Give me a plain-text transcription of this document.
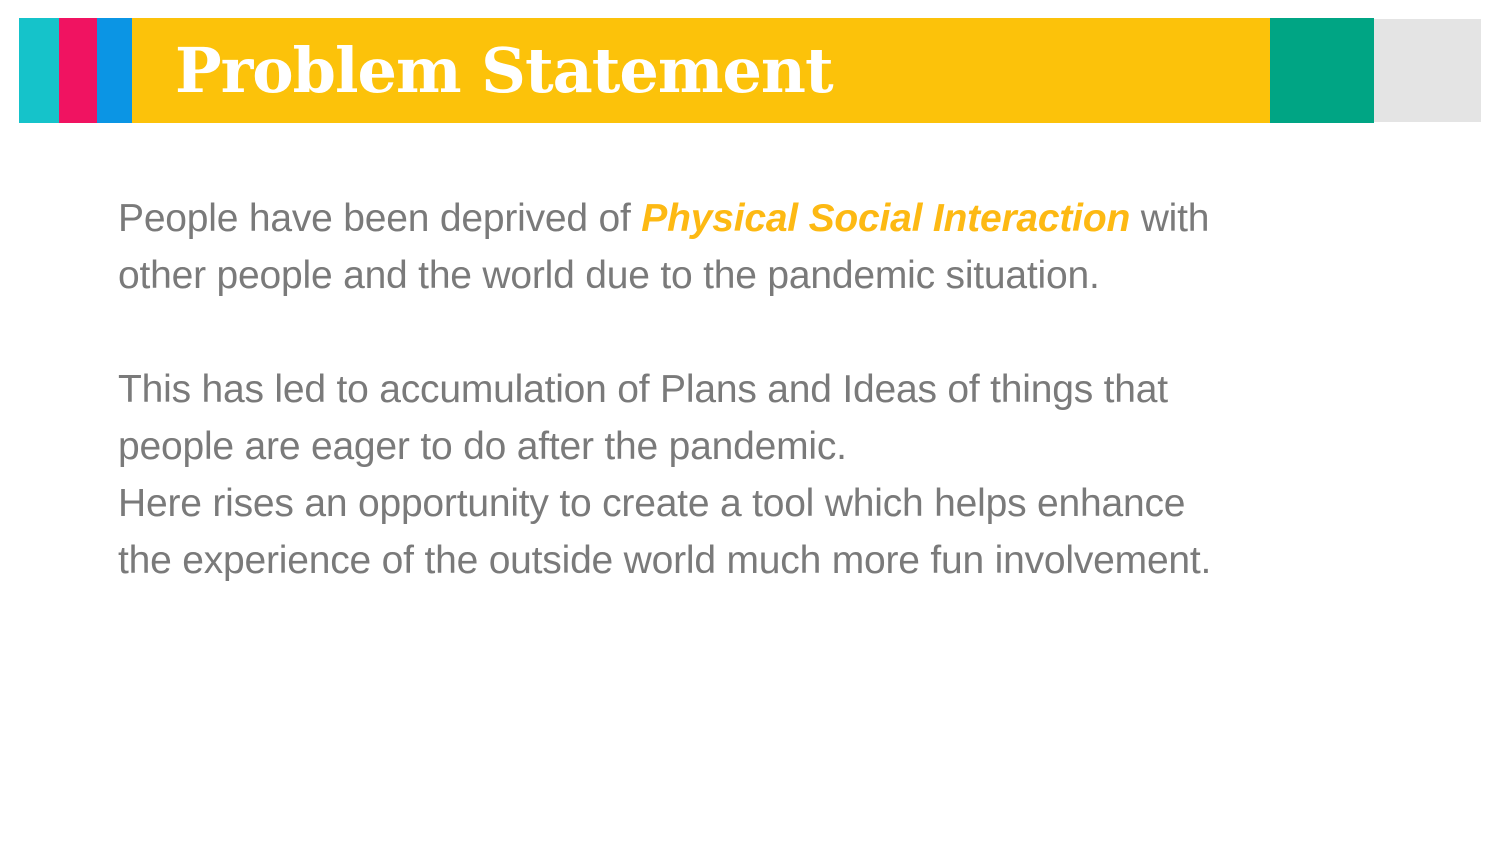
Problem Statement
People have been deprived of Physical Social Interaction with
other people and the world due to the pandemic situation.
This has led to accumulation of Plans and Ideas of things that
people are eager to do after the pandemic.
Here rises an opportunity to create a tool which helps enhance
the experience of the outside world much more fun involvement.
